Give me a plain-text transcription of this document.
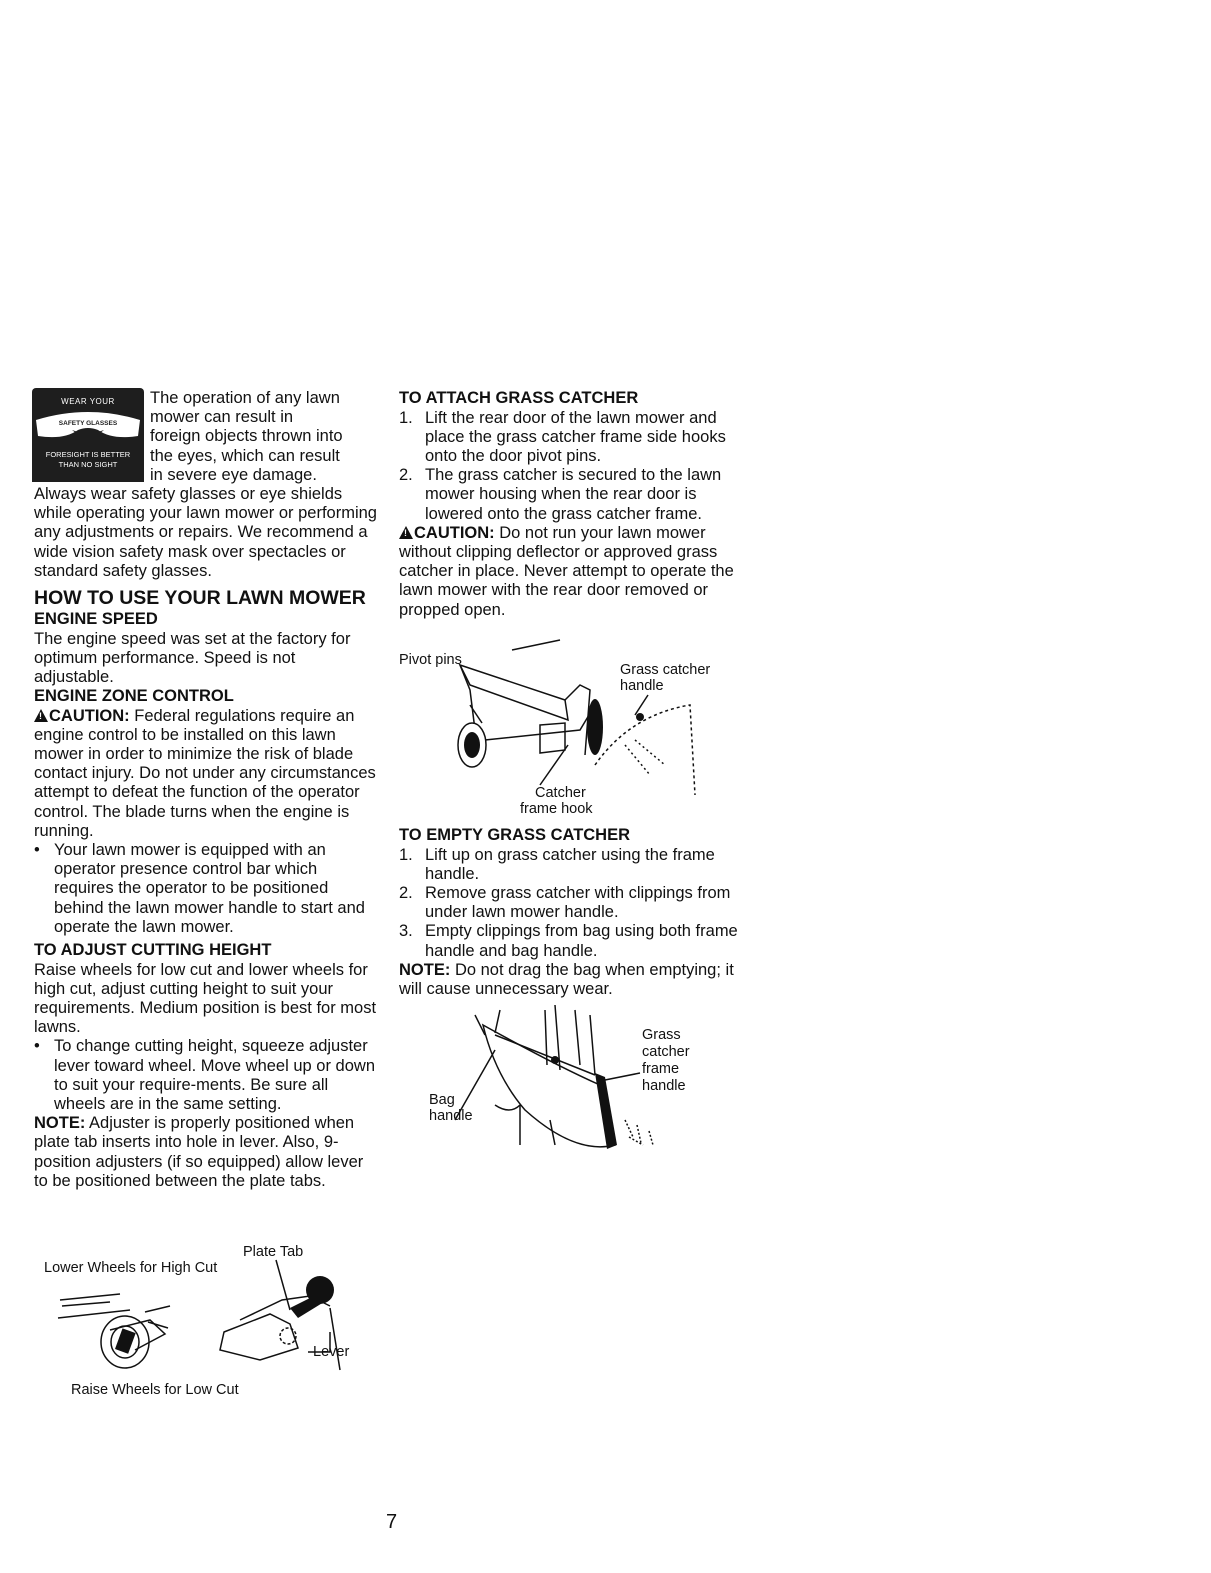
WEAR YOUR
SAFETY GLASSES
FORESIGHT IS BETTER
THAN NO SIGHT
The operation of any lawn
mower can result in
foreign objects thrown into
the eyes, which can result
in severe eye damage.

Always wear safety glasses or eye shields while operating your lawn mower or performing any adjustments or repairs. We recommend a wide vision safety mask over spectacles or standard safety glasses.

HOW TO USE YOUR LAWN MOWER

ENGINE SPEED

The engine speed was set at the factory for optimum performance. Speed is not adjustable.

ENGINE ZONE CONTROL

!CAUTION: Federal regulations require an engine control to be installed on this lawn mower in order to minimize the risk of blade contact injury. Do not under any circumstances attempt to defeat the function of the operator control. The blade turns when the engine is running.

• Your lawn mower is equipped with an operator presence control bar which requires the operator to be positioned behind the lawn mower handle to start and operate the lawn mower.

TO ADJUST CUTTING HEIGHT

Raise wheels for low cut and lower wheels for high cut, adjust cutting height to suit your requirements. Medium position is best for most lawns.

• To change cutting height, squeeze adjuster lever toward wheel. Move wheel up or down to suit your require-ments. Be sure all wheels are in the same setting.

NOTE: Adjuster is properly positioned when plate tab inserts into hole in lever. Also, 9-position adjusters (if so equipped) allow lever to be positioned between the plate tabs.

Plate Tab
Lower Wheels for High Cut
Lever
Raise Wheels for Low Cut

TO ATTACH GRASS CATCHER

1. Lift the rear door of the lawn mower and place the grass catcher frame side hooks onto the door pivot pins.

2. The grass catcher is secured to the lawn mower housing when the rear door is lowered onto the grass catcher frame.

!CAUTION: Do not run your lawn mower without clipping deflector or approved grass catcher in place. Never attempt to operate the lawn mower with the rear door removed or propped open.

Pivot pins
Grass catcher
handle
Catcher
frame hook

TO EMPTY GRASS CATCHER

1. Lift up on grass catcher using the frame handle.

2. Remove grass catcher with clippings from under lawn mower handle.

3. Empty clippings from bag using both frame handle and bag handle.

NOTE: Do not drag the bag when emptying; it will cause unnecessary wear.

Grass
catcher
frame
handle
Bag
handle
7
